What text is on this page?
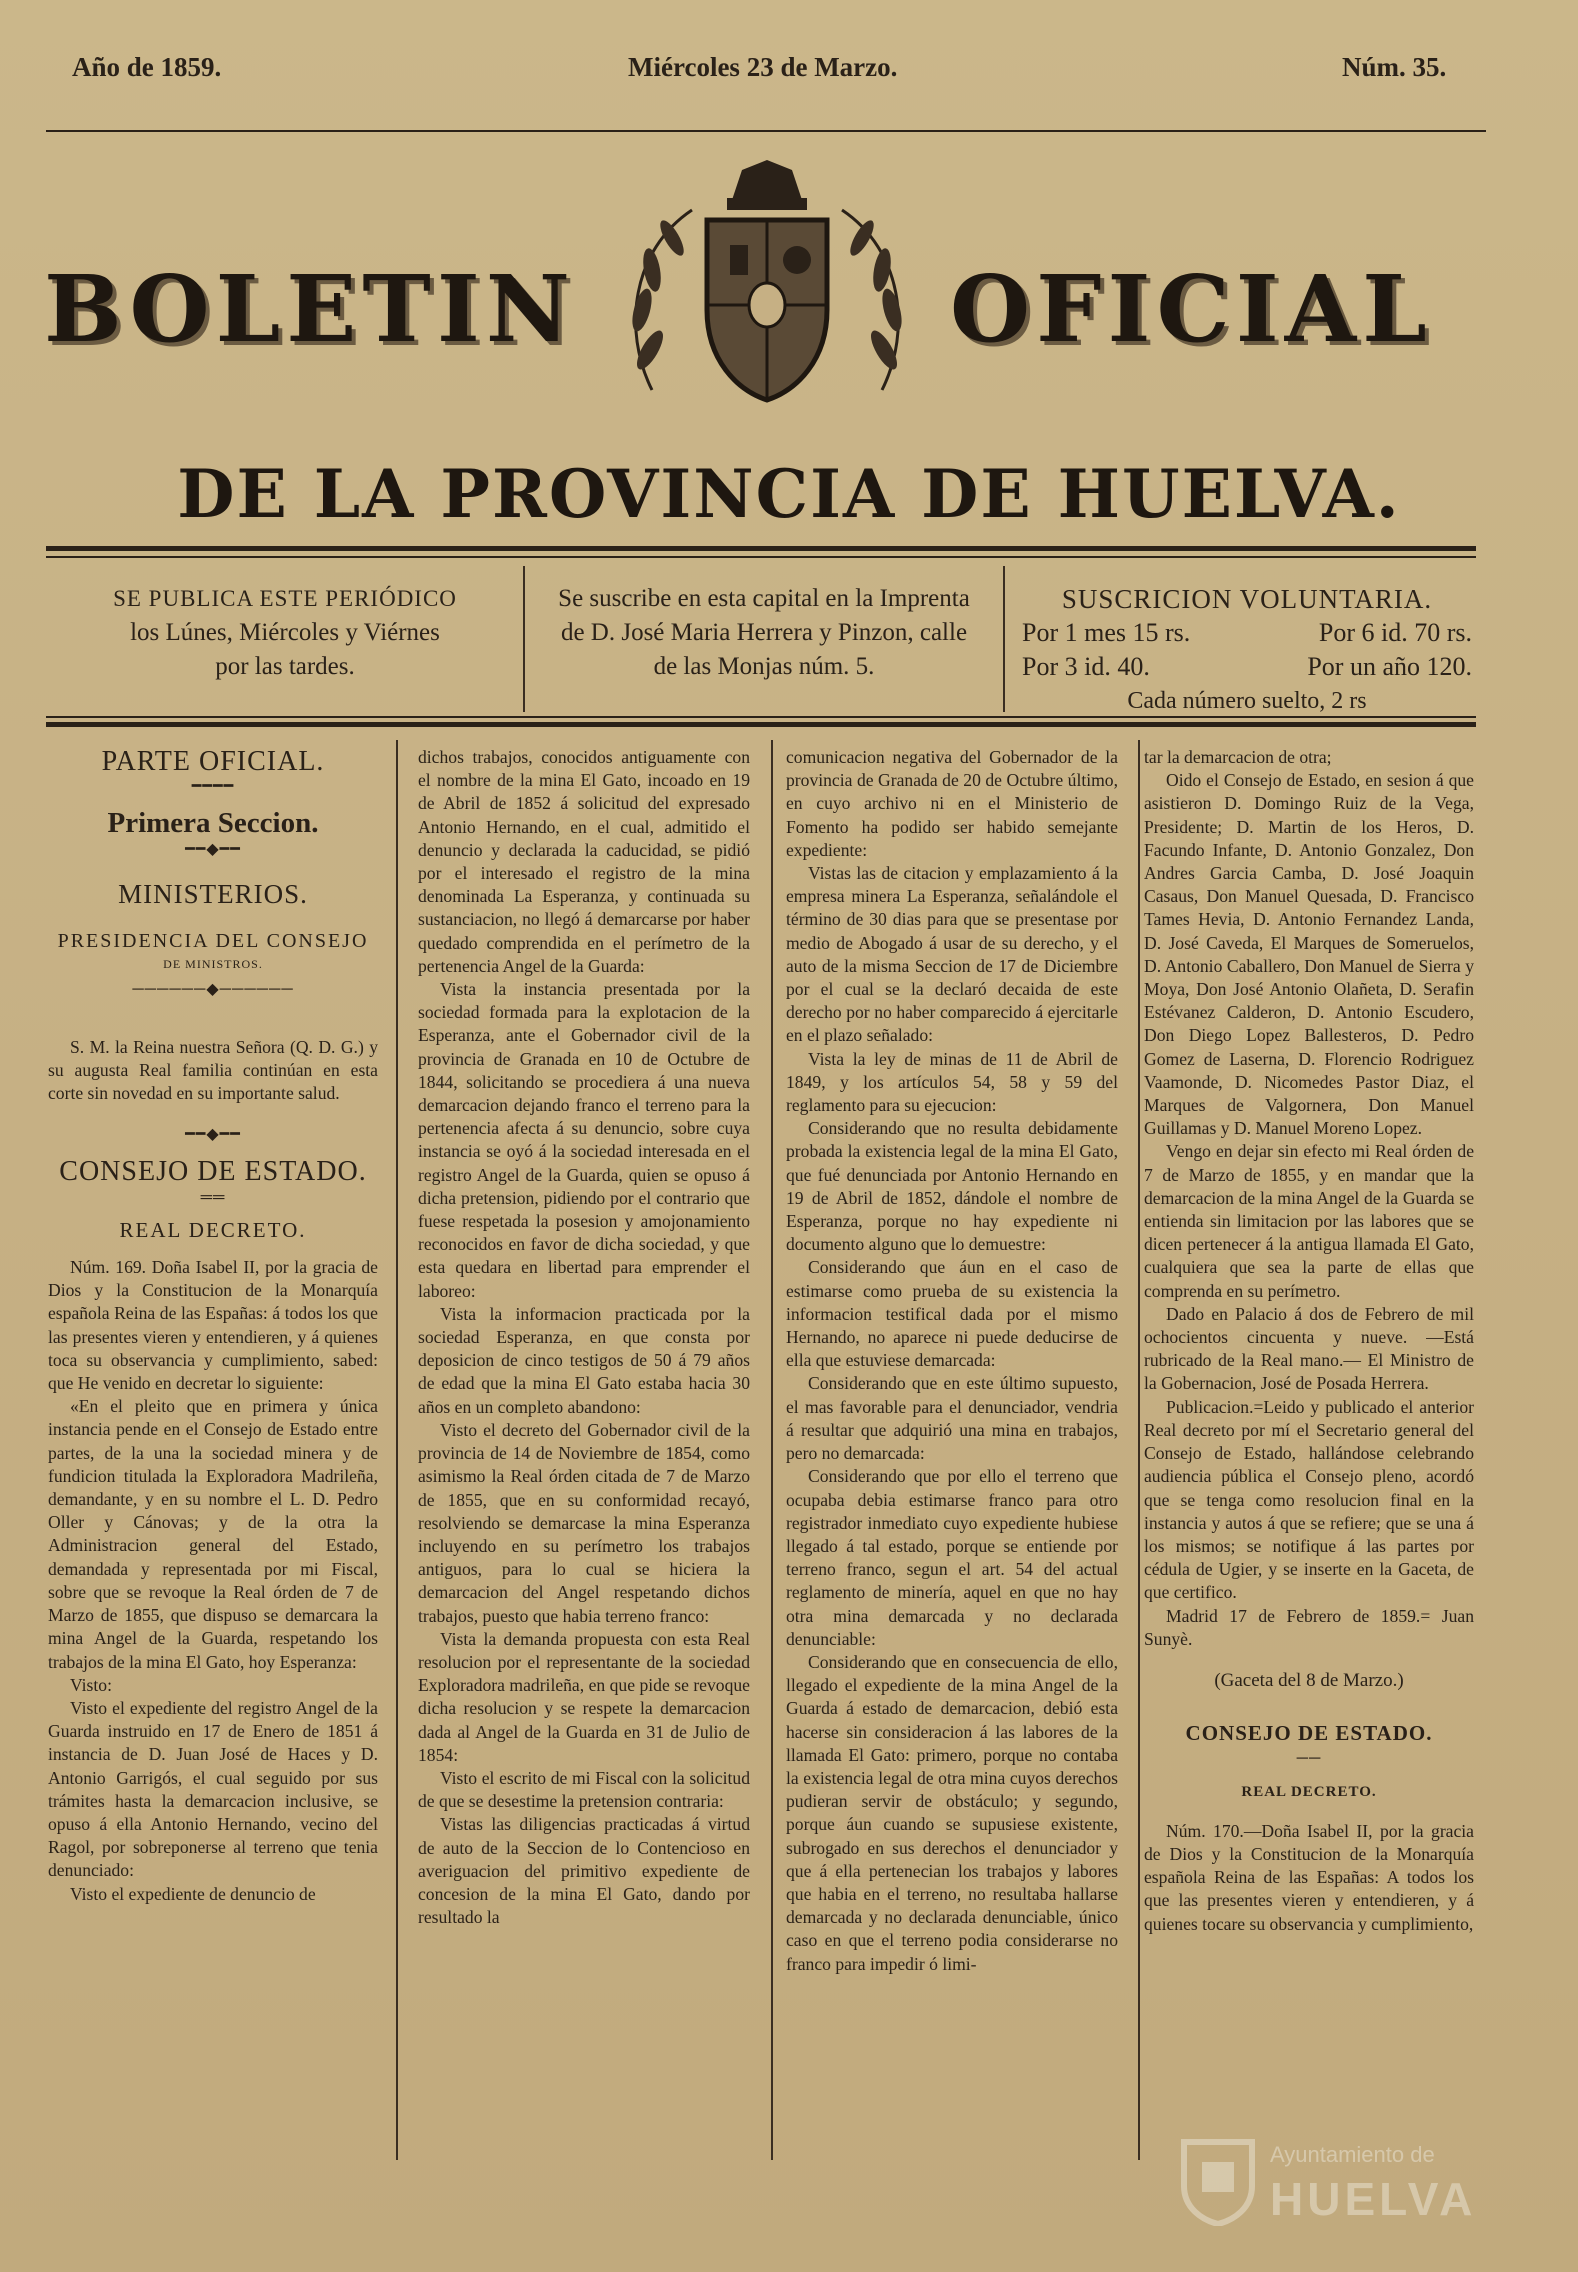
Año de 1859.	Miércoles 23 de Marzo.	Núm. 35.
BOLETIN	OFICIAL
DE LA PROVINCIA DE HUELVA.
SE PUBLICA ESTE PERIÓDICO
los Lúnes, Miércoles y Viérnes
por las tardes.
Se suscribe en esta capital en la Imprenta
de D. José Maria Herrera y Pinzon, calle
de las Monjas núm. 5.
SUSCRICION VOLUNTARIA.
Por 1 mes 15 rs.	Por 6 id. 70 rs.
Por 3 id. 40.	Por un año 120.
Cada número suelto, 2 rs

PARTE OFICIAL.

━━━━

Primera Seccion.

━━◆━━

MINISTERIOS.

PRESIDENCIA DEL CONSEJO

DE MINISTROS.

──────◆──────

S. M. la Reina nuestra Señora (Q. D. G.) y su augusta Real familia continúan en esta corte sin novedad en su importante salud.

━━◆━━

CONSEJO DE ESTADO.

══

REAL DECRETO.

Núm. 169. Doña Isabel II, por la gracia de Dios y la Constitucion de la Monarquía española Reina de las Españas: á todos los que las presentes vieren y entendieren, y á quienes toca su observancia y cumplimiento, sabed: que He venido en decretar lo siguiente:

«En el pleito que en primera y única instancia pende en el Consejo de Estado entre partes, de la una la sociedad minera y de fundicion titulada la Exploradora Madrileña, demandante, y en su nombre el L. D. Pedro Oller y Cánovas; y de la otra la Administracion general del Estado, demandada y representada por mi Fiscal, sobre que se revoque la Real órden de 7 de Marzo de 1855, que dispuso se demarcara la mina Angel de la Guarda, respetando los trabajos de la mina El Gato, hoy Esperanza:

Visto:

Visto el expediente del registro Angel de la Guarda instruido en 17 de Enero de 1851 á instancia de D. Juan José de Haces y D. Antonio Garrigós, el cual seguido por sus trámites hasta la demarcacion inclusive, se opuso á ella Antonio Hernando, vecino del Ragol, por sobreponerse al terreno que tenia denunciado:

Visto el expediente de denuncio de

dichos trabajos, conocidos antiguamente con el nombre de la mina El Gato, incoado en 19 de Abril de 1852 á solicitud del expresado Antonio Hernando, en el cual, admitido el denuncio y declarada la caducidad, se pidió por el interesado el registro de la mina denominada La Esperanza, y continuada su sustanciacion, no llegó á demarcarse por haber quedado comprendida en el perímetro de la pertenencia Angel de la Guarda:

Vista la instancia presentada por la sociedad formada para la explotacion de la Esperanza, ante el Gobernador civil de la provincia de Granada en 10 de Octubre de 1844, solicitando se procediera á una nueva demarcacion dejando franco el terreno para la pertenencia afecta á su denuncio, sobre cuya instancia se oyó á la sociedad interesada en el registro Angel de la Guarda, quien se opuso á dicha pretension, pidiendo por el contrario que fuese respetada la posesion y amojonamiento reconocidos en favor de dicha sociedad, y que esta quedara en libertad para emprender el laboreo:

Vista la informacion practicada por la sociedad Esperanza, en que consta por deposicion de cinco testigos de 50 á 79 años de edad que la mina El Gato estaba hacia 30 años en un completo abandono:

Visto el decreto del Gobernador civil de la provincia de 14 de Noviembre de 1854, como asimismo la Real órden citada de 7 de Marzo de 1855, que en su conformidad recayó, resolviendo se demarcase la mina Esperanza incluyendo en su perímetro los trabajos antiguos, para lo cual se hiciera la demarcacion del Angel respetando dichos trabajos, puesto que habia terreno franco:

Vista la demanda propuesta con esta Real resolucion por el representante de la sociedad Exploradora madrileña, en que pide se revoque dicha resolucion y se respete la demarcacion dada al Angel de la Guarda en 31 de Julio de 1854:

Visto el escrito de mi Fiscal con la solicitud de que se desestime la pretension contraria:

Vistas las diligencias practicadas á virtud de auto de la Seccion de lo Contencioso en averiguacion del primitivo expediente de concesion de la mina El Gato, dando por resultado la

comunicacion negativa del Gobernador de la provincia de Granada de 20 de Octubre último, en cuyo archivo ni en el Ministerio de Fomento ha podido ser habido semejante expediente:

Vistas las de citacion y emplazamiento á la empresa minera La Esperanza, señalándole el término de 30 dias para que se presentase por medio de Abogado á usar de su derecho, y el auto de la misma Seccion de 17 de Diciembre por el cual se la declaró decaida de este derecho por no haber comparecido á ejercitarle en el plazo señalado:

Vista la ley de minas de 11 de Abril de 1849, y los artículos 54, 58 y 59 del reglamento para su ejecucion:

Considerando que no resulta debidamente probada la existencia legal de la mina El Gato, que fué denunciada por Antonio Hernando en 19 de Abril de 1852, dándole el nombre de Esperanza, porque no hay expediente ni documento alguno que lo demuestre:

Considerando que áun en el caso de estimarse como prueba de su existencia la informacion testifical dada por el mismo Hernando, no aparece ni puede deducirse de ella que estuviese demarcada:

Considerando que en este último supuesto, el mas favorable para el denunciador, vendria á resultar que adquirió una mina en trabajos, pero no demarcada:

Considerando que por ello el terreno que ocupaba debia estimarse franco para otro registrador inmediato cuyo expediente hubiese llegado á tal estado, porque se entiende por terreno franco, segun el art. 54 del actual reglamento de minería, aquel en que no hay otra mina demarcada y no declarada denunciable:

Considerando que en consecuencia de ello, llegado el expediente de la mina Angel de la Guarda á estado de demarcacion, debió esta hacerse sin consideracion á las labores de la llamada El Gato: primero, porque no contaba la existencia legal de otra mina cuyos derechos pudieran servir de obstáculo; y segundo, porque áun cuando se supusiese existente, subrogado en sus derechos el denunciador y que á ella pertenecian los trabajos y labores que habia en el terreno, no resultaba hallarse demarcada y no declarada denunciable, único caso en que el terreno podia considerarse no franco para impedir ó limi-

tar la demarcacion de otra;

Oido el Consejo de Estado, en sesion á que asistieron D. Domingo Ruiz de la Vega, Presidente; D. Martin de los Heros, D. Facundo Infante, D. Antonio Gonzalez, Don Andres Garcia Camba, D. José Joaquin Casaus, Don Manuel Quesada, D. Francisco Tames Hevia, D. Antonio Fernandez Landa, D. José Caveda, El Marques de Someruelos, D. Antonio Caballero, Don Manuel de Sierra y Moya, Don José Antonio Olañeta, D. Serafin Estévanez Calderon, D. Antonio Escudero, Don Diego Lopez Ballesteros, D. Pedro Gomez de Laserna, D. Florencio Rodriguez Vaamonde, D. Nicomedes Pastor Diaz, el Marques de Valgornera, Don Manuel Guillamas y D. Manuel Moreno Lopez.

Vengo en dejar sin efecto mi Real órden de 7 de Marzo de 1855, y en mandar que la demarcacion de la mina Angel de la Guarda se entienda sin limitacion por las labores que se dicen pertenecer á la antigua llamada El Gato, cualquiera que sea la parte de ellas que comprenda en su perímetro.

Dado en Palacio á dos de Febrero de mil ochocientos cincuenta y nueve. —Está rubricado de la Real mano.— El Ministro de la Gobernacion, José de Posada Herrera.

Publicacion.=Leido y publicado el anterior Real decreto por mí el Secretario general del Consejo de Estado, hallándose celebrando audiencia pública el Consejo pleno, acordó que se tenga como resolucion final en la instancia y autos á que se refiere; que se una á los mismos; se notifique á las partes por cédula de Ugier, y se inserte en la Gaceta, de que certifico.

Madrid 17 de Febrero de 1859.= Juan Sunyè.

(Gaceta del 8 de Marzo.)

CONSEJO DE ESTADO.

──

REAL DECRETO.

Núm. 170.—Doña Isabel II, por la gracia de Dios y la Constitucion de la Monarquía española Reina de las Españas: A todos los que las presentes vieren y entendieren, y á quienes tocare su observancia y cumplimiento,

Ayuntamiento de
HUELVA
